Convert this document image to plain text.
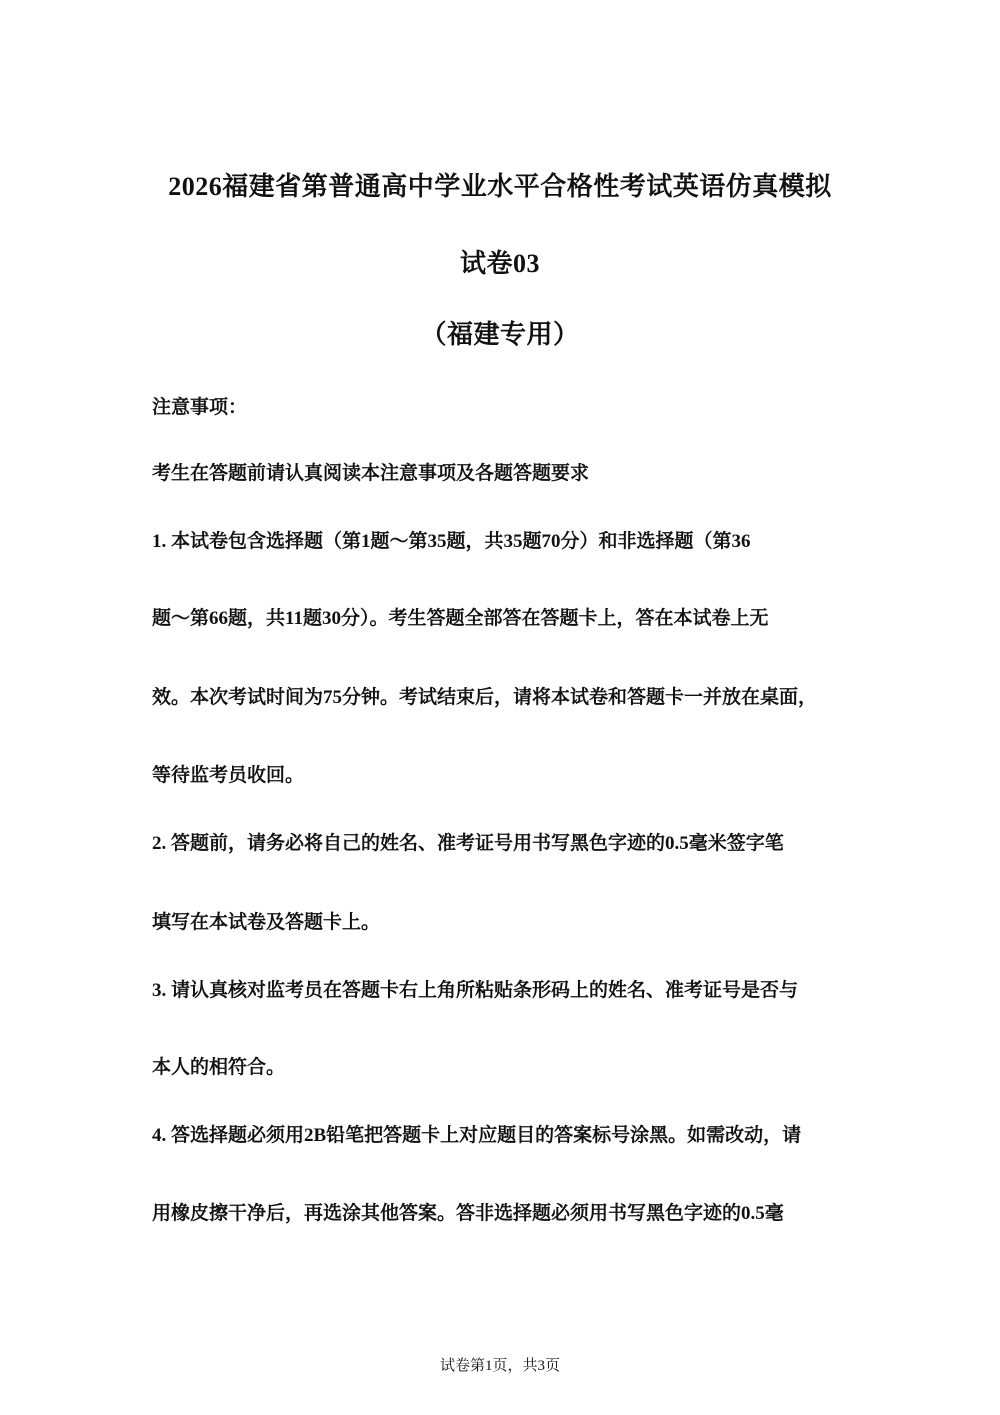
2026福建省第普通高中学业水平合格性考试英语仿真模拟
试卷03
（福建专用）
注意事项：
考生在答题前请认真阅读本注意事项及各题答题要求
1. 本试卷包含选择题（第1题～第35题，共35题70分）和非选择题（第36
题～第66题，共11题30分）。考生答题全部答在答题卡上，答在本试卷上无
效。本次考试时间为75分钟。考试结束后，请将本试卷和答题卡一并放在桌面，
等待监考员收回。
2. 答题前，请务必将自己的姓名、准考证号用书写黑色字迹的0.5毫米签字笔
填写在本试卷及答题卡上。
3. 请认真核对监考员在答题卡右上角所粘贴条形码上的姓名、准考证号是否与
本人的相符合。
4. 答选择题必须用2B铅笔把答题卡上对应题目的答案标号涂黑。如需改动，请
用橡皮擦干净后，再选涂其他答案。答非选择题必须用书写黑色字迹的0.5毫
试卷第1页，共3页
